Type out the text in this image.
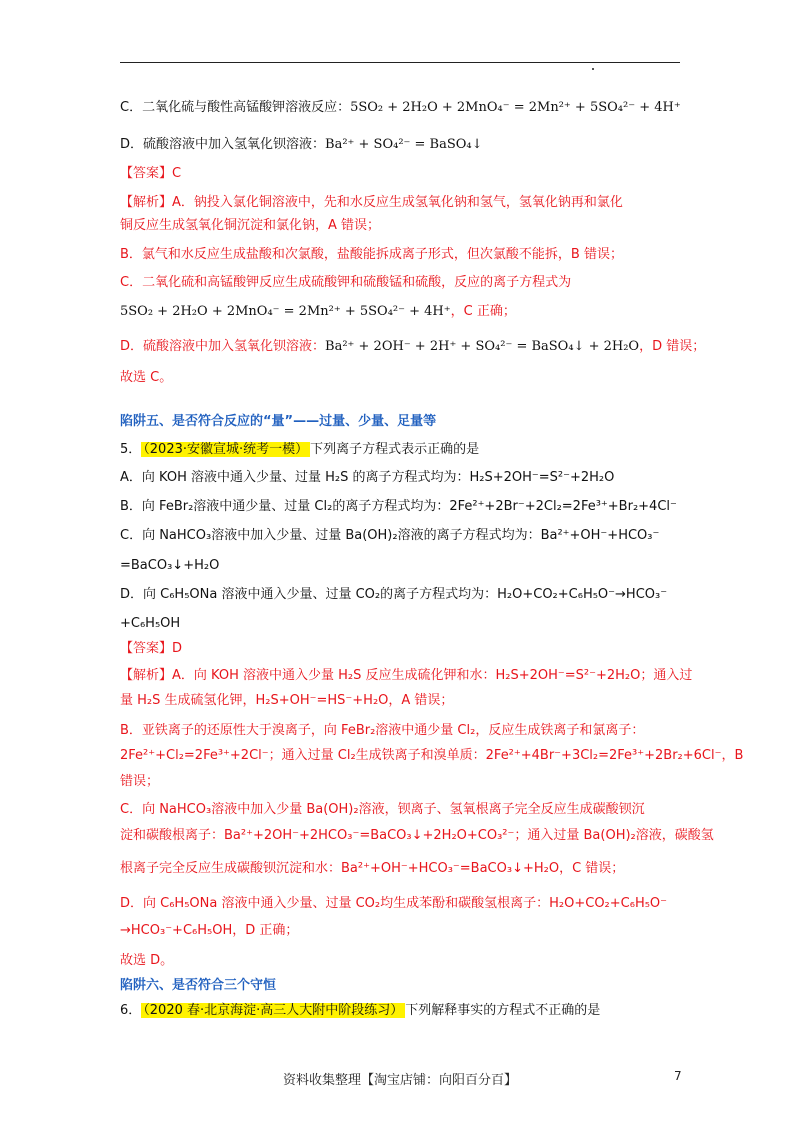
C．二氧化硫与酸性高锰酸钾溶液反应：5SO₂ + 2H₂O + 2MnO₄⁻ = 2Mn²⁺ + 5SO₄²⁻ + 4H⁺
D．硫酸溶液中加入氢氧化钡溶液：Ba²⁺ + SO₄²⁻ = BaSO₄↓
【答案】C
【解析】A．钠投入氯化铜溶液中，先和水反应生成氢氧化钠和氢气，氢氧化钠再和氯化
铜反应生成氢氧化铜沉淀和氯化钠，A 错误；
B．氯气和水反应生成盐酸和次氯酸，盐酸能拆成离子形式，但次氯酸不能拆，B 错误；
C．二氧化硫和高锰酸钾反应生成硫酸钾和硫酸锰和硫酸，反应的离子方程式为
5SO₂ + 2H₂O + 2MnO₄⁻ = 2Mn²⁺ + 5SO₄²⁻ + 4H⁺，C 正确；
D．硫酸溶液中加入氢氧化钡溶液：Ba²⁺ + 2OH⁻ + 2H⁺ + SO₄²⁻ = BaSO₄↓ + 2H₂O，D 错误；
故选 C。
陷阱五、是否符合反应的“量”——过量、少量、足量等
5． （2023·安徽宣城·统考一模） 下列离子方程式表示正确的是
A．向 KOH 溶液中通入少量、过量 H₂S 的离子方程式均为：H₂S+2OH⁻=S²⁻+2H₂O
B．向 FeBr₂溶液中通少量、过量 Cl₂的离子方程式均为：2Fe²⁺+2Br⁻+2Cl₂=2Fe³⁺+Br₂+4Cl⁻
C．向 NaHCO₃溶液中加入少量、过量 Ba(OH)₂溶液的离子方程式均为：Ba²⁺+OH⁻+HCO₃⁻
=BaCO₃↓+H₂O
D．向 C₆H₅ONa 溶液中通入少量、过量 CO₂的离子方程式均为：H₂O+CO₂+C₆H₅O⁻→HCO₃⁻
+C₆H₅OH
【答案】D
【解析】A．向 KOH 溶液中通入少量 H₂S 反应生成硫化钾和水：H₂S+2OH⁻=S²⁻+2H₂O；通入过
量 H₂S 生成硫氢化钾，H₂S+OH⁻=HS⁻+H₂O，A 错误；
B．亚铁离子的还原性大于溴离子，向 FeBr₂溶液中通少量 Cl₂，反应生成铁离子和氯离子：
2Fe²⁺+Cl₂=2Fe³⁺+2Cl⁻；通入过量 Cl₂生成铁离子和溴单质：2Fe²⁺+4Br⁻+3Cl₂=2Fe³⁺+2Br₂+6Cl⁻，B
错误；
C．向 NaHCO₃溶液中加入少量 Ba(OH)₂溶液，钡离子、氢氧根离子完全反应生成碳酸钡沉
淀和碳酸根离子：Ba²⁺+2OH⁻+2HCO₃⁻=BaCO₃↓+2H₂O+CO₃²⁻；通入过量 Ba(OH)₂溶液，碳酸氢
根离子完全反应生成碳酸钡沉淀和水：Ba²⁺+OH⁻+HCO₃⁻=BaCO₃↓+H₂O，C 错误；
D．向 C₆H₅ONa 溶液中通入少量、过量 CO₂均生成苯酚和碳酸氢根离子：H₂O+CO₂+C₆H₅O⁻
→HCO₃⁻+C₆H₅OH，D 正确；
故选 D。
陷阱六、是否符合三个守恒
6． （2020 春·北京海淀·高三人大附中阶段练习） 下列解释事实的方程式不正确的是
资料收集整理【淘宝店铺：向阳百分百】	7
